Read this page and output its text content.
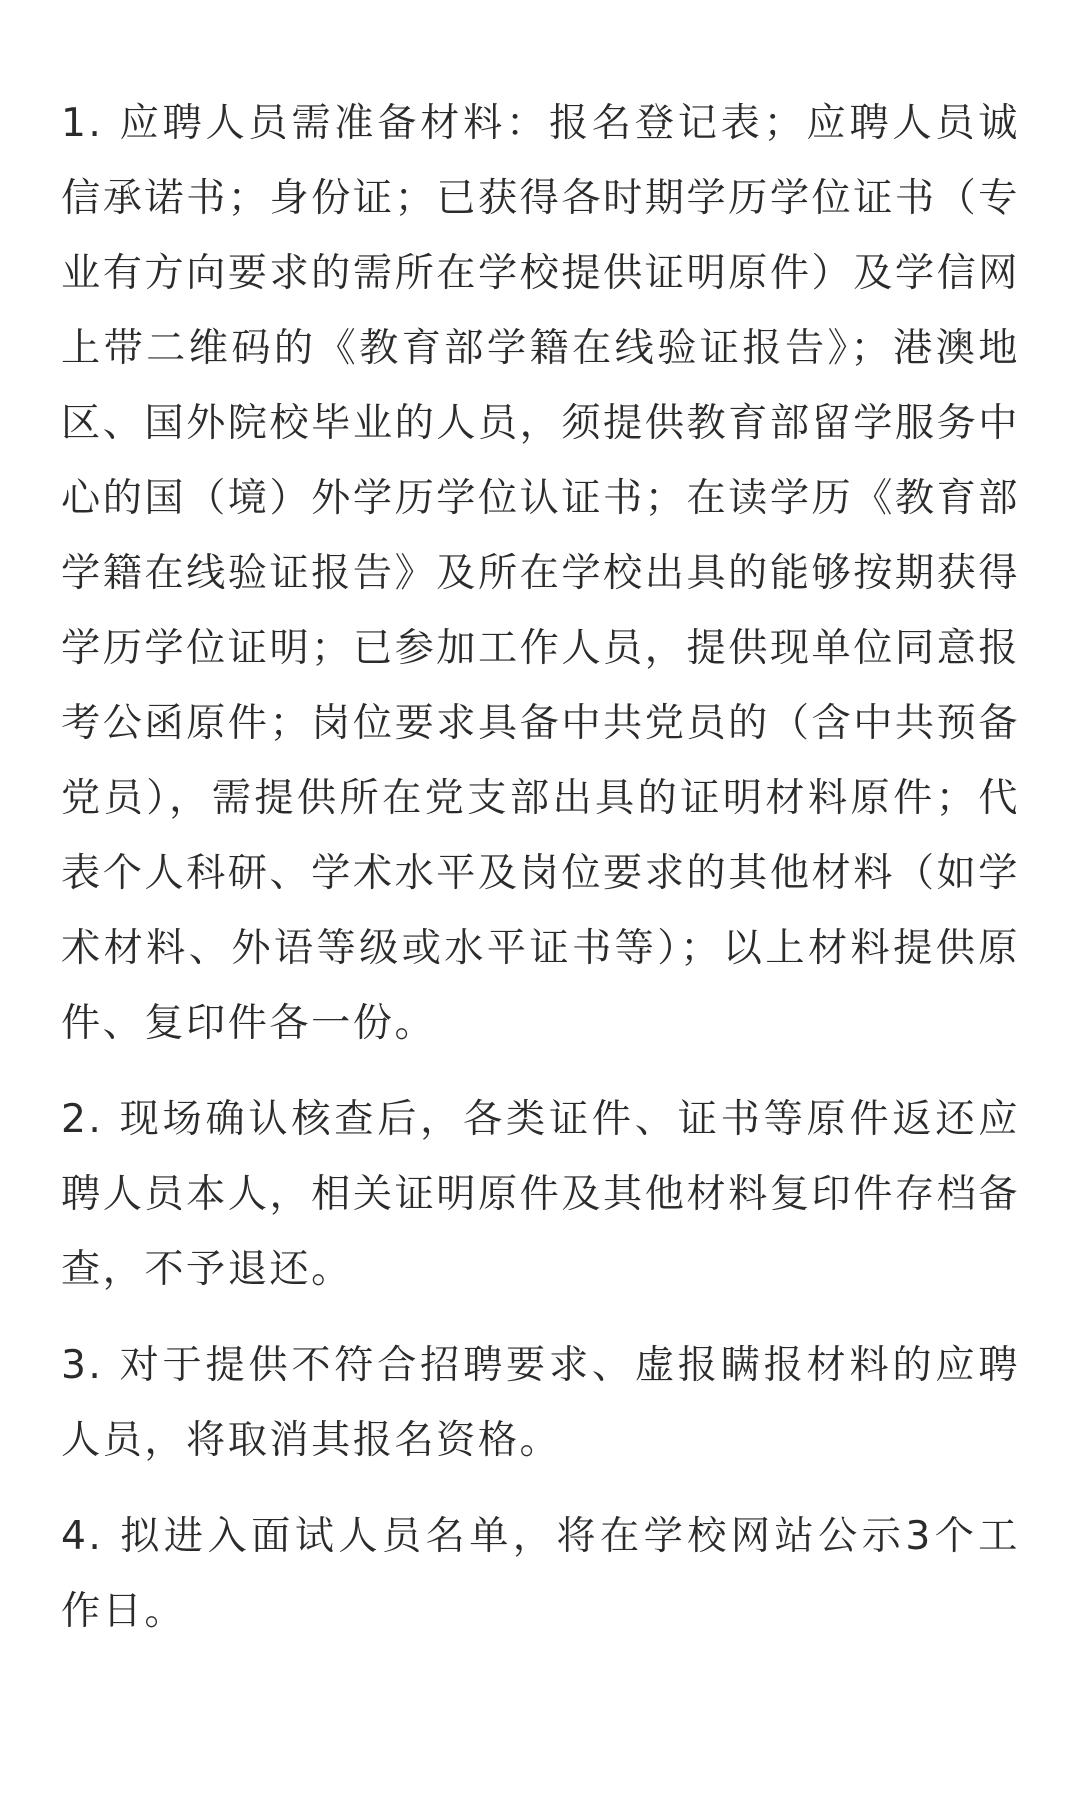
1. 应聘人员需准备材料：报名登记表；应聘人员诚信承诺书；身份证；已获得各时期学历学位证书（专业有方向要求的需所在学校提供证明原件）及学信网上带二维码的《教育部学籍在线验证报告》；港澳地区、国外院校毕业的人员，须提供教育部留学服务中心的国（境）外学历学位认证书；在读学历《教育部学籍在线验证报告》及所在学校出具的能够按期获得学历学位证明；已参加工作人员，提供现单位同意报考公函原件；岗位要求具备中共党员的（含中共预备党员），需提供所在党支部出具的证明材料原件；代表个人科研、学术水平及岗位要求的其他材料（如学术材料、外语等级或水平证书等）；以上材料提供原件、复印件各一份。

2. 现场确认核查后，各类证件、证书等原件返还应聘人员本人，相关证明原件及其他材料复印件存档备查，不予退还。

3. 对于提供不符合招聘要求、虚报瞒报材料的应聘人员，将取消其报名资格。

4. 拟进入面试人员名单，将在学校网站公示3个工作日。
